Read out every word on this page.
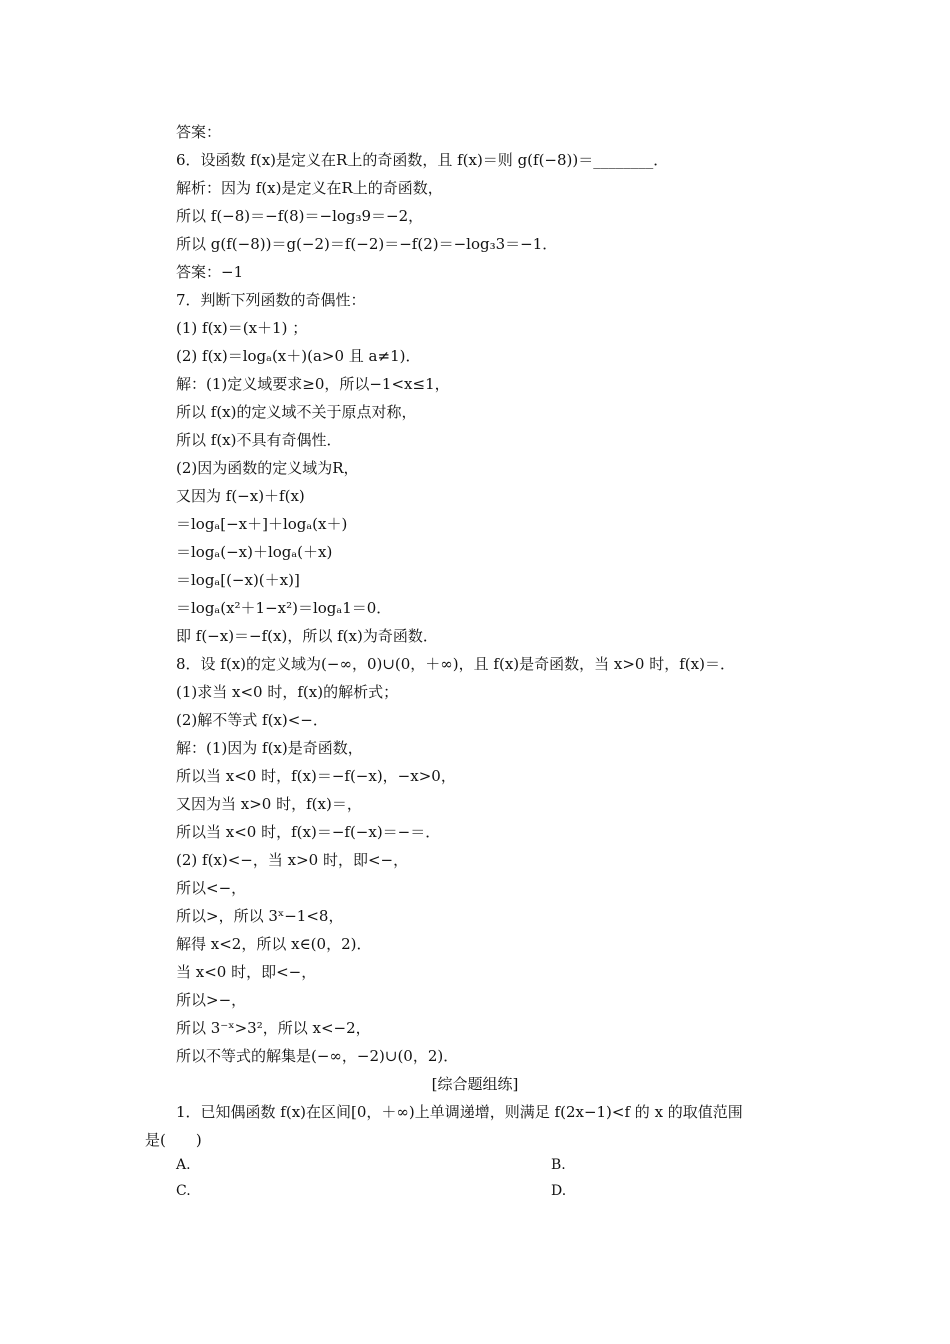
答案：
6．设函数 f(x)是定义在R上的奇函数，且 f(x)＝则 g(f(−8))＝________．
解析：因为 f(x)是定义在R上的奇函数，
所以 f(−8)＝−f(8)＝−log₃9＝−2，
所以 g(f(−8))＝g(−2)＝f(−2)＝−f(2)＝−log₃3＝−1．
答案：−1
7．判断下列函数的奇偶性：
(1) f(x)＝(x＋1) ；
(2) f(x)＝logₐ(x＋)(a>0 且 a≠1)．
解：(1)定义域要求≥0，所以−1<x≤1，
所以 f(x)的定义域不关于原点对称，
所以 f(x)不具有奇偶性．
(2)因为函数的定义域为R，
又因为 f(−x)＋f(x)
＝logₐ[−x＋]＋logₐ(x＋)
＝logₐ(−x)＋logₐ(＋x)
＝logₐ[(−x)(＋x)]
＝logₐ(x²＋1−x²)＝logₐ1＝0．
即 f(−x)＝−f(x)，所以 f(x)为奇函数．
8．设 f(x)的定义域为(−∞，0)∪(0，＋∞)，且 f(x)是奇函数，当 x>0 时，f(x)＝．
(1)求当 x<0 时，f(x)的解析式；
(2)解不等式 f(x)<−．
解：(1)因为 f(x)是奇函数，
所以当 x<0 时，f(x)＝−f(−x)，−x>0，
又因为当 x>0 时，f(x)＝，
所以当 x<0 时，f(x)＝−f(−x)＝−＝．
(2) f(x)<−，当 x>0 时，即<−，
所以<−，
所以>，所以 3ˣ−1<8，
解得 x<2，所以 x∈(0，2)．
当 x<0 时，即<−，
所以>−，
所以 3⁻ˣ>3²，所以 x<−2，
所以不等式的解集是(−∞，−2)∪(0，2)．
[综合题组练]
1．已知偶函数 f(x)在区间[0，＋∞)上单调递增，则满足 f(2x−1)<f 的 x 的取值范围
是(　　)
A.	B.
C.	D.
